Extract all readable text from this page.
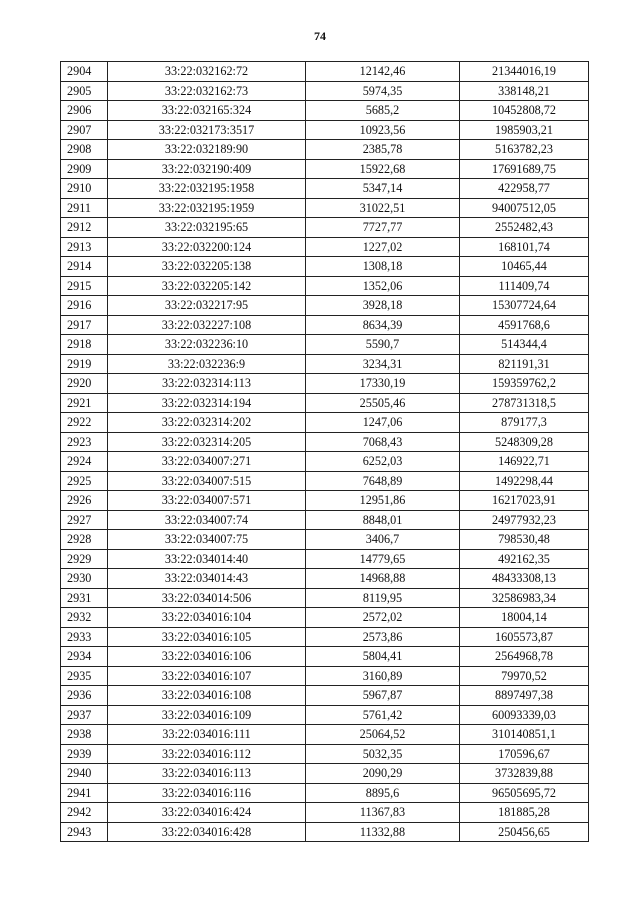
74
2904	33:22:032162:72	12142,46	21344016,19
2905	33:22:032162:73	5974,35	338148,21
2906	33:22:032165:324	5685,2	10452808,72
2907	33:22:032173:3517	10923,56	1985903,21
2908	33:22:032189:90	2385,78	5163782,23
2909	33:22:032190:409	15922,68	17691689,75
2910	33:22:032195:1958	5347,14	422958,77
2911	33:22:032195:1959	31022,51	94007512,05
2912	33:22:032195:65	7727,77	2552482,43
2913	33:22:032200:124	1227,02	168101,74
2914	33:22:032205:138	1308,18	10465,44
2915	33:22:032205:142	1352,06	111409,74
2916	33:22:032217:95	3928,18	15307724,64
2917	33:22:032227:108	8634,39	4591768,6
2918	33:22:032236:10	5590,7	514344,4
2919	33:22:032236:9	3234,31	821191,31
2920	33:22:032314:113	17330,19	159359762,2
2921	33:22:032314:194	25505,46	278731318,5
2922	33:22:032314:202	1247,06	879177,3
2923	33:22:032314:205	7068,43	5248309,28
2924	33:22:034007:271	6252,03	146922,71
2925	33:22:034007:515	7648,89	1492298,44
2926	33:22:034007:571	12951,86	16217023,91
2927	33:22:034007:74	8848,01	24977932,23
2928	33:22:034007:75	3406,7	798530,48
2929	33:22:034014:40	14779,65	492162,35
2930	33:22:034014:43	14968,88	48433308,13
2931	33:22:034014:506	8119,95	32586983,34
2932	33:22:034016:104	2572,02	18004,14
2933	33:22:034016:105	2573,86	1605573,87
2934	33:22:034016:106	5804,41	2564968,78
2935	33:22:034016:107	3160,89	79970,52
2936	33:22:034016:108	5967,87	8897497,38
2937	33:22:034016:109	5761,42	60093339,03
2938	33:22:034016:111	25064,52	310140851,1
2939	33:22:034016:112	5032,35	170596,67
2940	33:22:034016:113	2090,29	3732839,88
2941	33:22:034016:116	8895,6	96505695,72
2942	33:22:034016:424	11367,83	181885,28
2943	33:22:034016:428	11332,88	250456,65
